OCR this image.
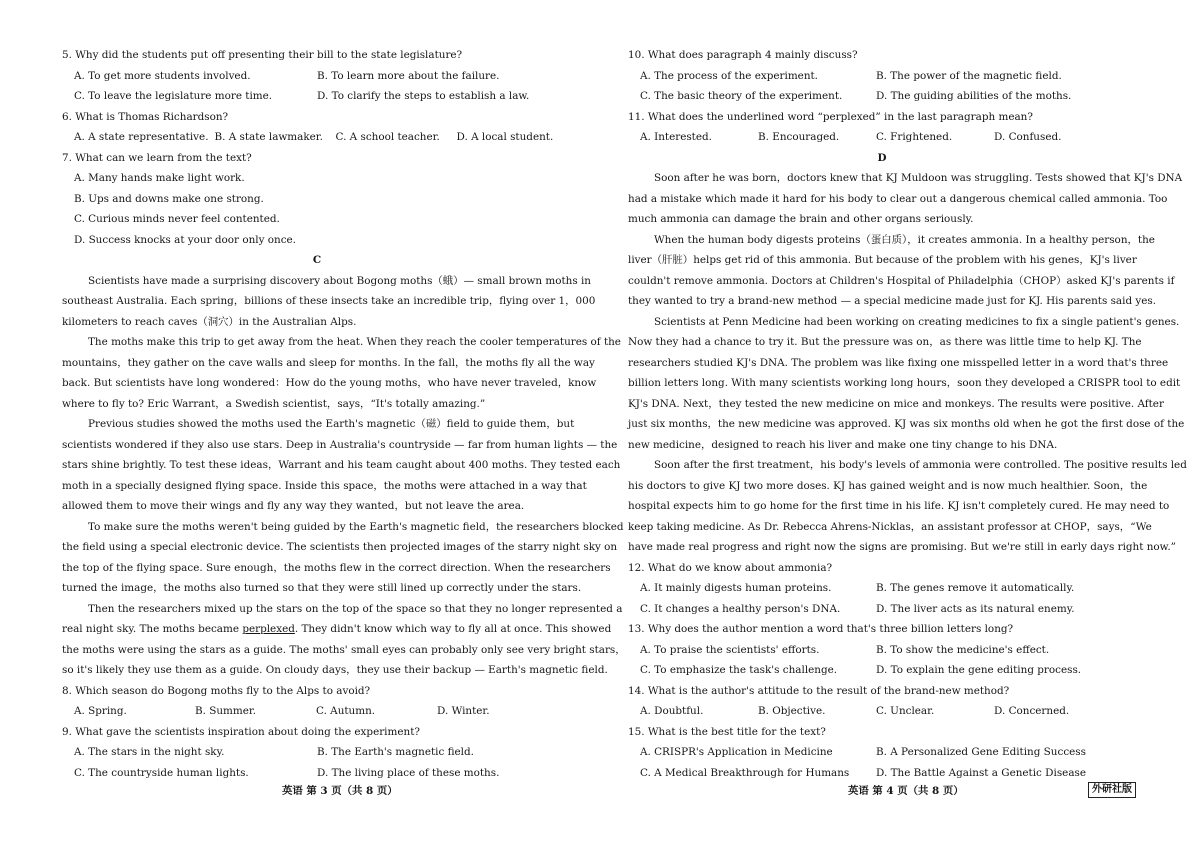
5. Why did the students put off presenting their bill to the state legislature?
A. To get more students involved.	B. To learn more about the failure.
C. To leave the legislature more time.	D. To clarify the steps to establish a law.
6. What is Thomas Richardson?
A. A state representative. B. A state lawmaker.	C. A school teacher.	D. A local student.
7. What can we learn from the text?
A. Many hands make light work.
B. Ups and downs make one strong.
C. Curious minds never feel contented.
D. Success knocks at your door only once.
C
Scientists have made a surprising discovery about Bogong moths（蛾）— small brown moths in
southeast Australia. Each spring，billions of these insects take an incredible trip，flying over 1，000
kilometers to reach caves（洞穴）in the Australian Alps.
The moths make this trip to get away from the heat. When they reach the cooler temperatures of the
mountains，they gather on the cave walls and sleep for months. In the fall，the moths fly all the way
back. But scientists have long wondered：How do the young moths，who have never traveled，know
where to fly to? Eric Warrant，a Swedish scientist，says，“It's totally amazing.”
Previous studies showed the moths used the Earth's magnetic（磁）field to guide them，but
scientists wondered if they also use stars. Deep in Australia's countryside — far from human lights — the
stars shine brightly. To test these ideas，Warrant and his team caught about 400 moths. They tested each
moth in a specially designed flying space. Inside this space，the moths were attached in a way that
allowed them to move their wings and fly any way they wanted，but not leave the area.
To make sure the moths weren't being guided by the Earth's magnetic field，the researchers blocked
the field using a special electronic device. The scientists then projected images of the starry night sky on
the top of the flying space. Sure enough，the moths flew in the correct direction. When the researchers
turned the image，the moths also turned so that they were still lined up correctly under the stars.
Then the researchers mixed up the stars on the top of the space so that they no longer represented a
real night sky. The moths became perplexed. They didn't know which way to fly all at once. This showed
the moths were using the stars as a guide. The moths' small eyes can probably only see very bright stars，
so it's likely they use them as a guide. On cloudy days，they use their backup — Earth's magnetic field.
8. Which season do Bogong moths fly to the Alps to avoid?
A. Spring.	B. Summer.	C. Autumn.	D. Winter.
9. What gave the scientists inspiration about doing the experiment?
A. The stars in the night sky.	B. The Earth's magnetic field.
C. The countryside human lights.	D. The living place of these moths.
英语 第 3 页（共 8 页）
10. What does paragraph 4 mainly discuss?
A. The process of the experiment.	B. The power of the magnetic field.
C. The basic theory of the experiment.	D. The guiding abilities of the moths.
11. What does the underlined word “perplexed” in the last paragraph mean?
A. Interested.	B. Encouraged.	C. Frightened.	D. Confused.
D
Soon after he was born，doctors knew that KJ Muldoon was struggling. Tests showed that KJ's DNA
had a mistake which made it hard for his body to clear out a dangerous chemical called ammonia. Too
much ammonia can damage the brain and other organs seriously.
When the human body digests proteins（蛋白质），it creates ammonia. In a healthy person，the
liver（肝脏）helps get rid of this ammonia. But because of the problem with his genes，KJ's liver
couldn't remove ammonia. Doctors at Children's Hospital of Philadelphia（CHOP）asked KJ's parents if
they wanted to try a brand-new method — a special medicine made just for KJ. His parents said yes.
Scientists at Penn Medicine had been working on creating medicines to fix a single patient's genes.
Now they had a chance to try it. But the pressure was on，as there was little time to help KJ. The
researchers studied KJ's DNA. The problem was like fixing one misspelled letter in a word that's three
billion letters long. With many scientists working long hours，soon they developed a CRISPR tool to edit
KJ's DNA. Next，they tested the new medicine on mice and monkeys. The results were positive. After
just six months，the new medicine was approved. KJ was six months old when he got the first dose of the
new medicine，designed to reach his liver and make one tiny change to his DNA.
Soon after the first treatment，his body's levels of ammonia were controlled. The positive results led
his doctors to give KJ two more doses. KJ has gained weight and is now much healthier. Soon，the
hospital expects him to go home for the first time in his life. KJ isn't completely cured. He may need to
keep taking medicine. As Dr. Rebecca Ahrens-Nicklas，an assistant professor at CHOP，says，“We
have made real progress and right now the signs are promising. But we're still in early days right now.”
12. What do we know about ammonia?
A. It mainly digests human proteins.	B. The genes remove it automatically.
C. It changes a healthy person's DNA.	D. The liver acts as its natural enemy.
13. Why does the author mention a word that's three billion letters long?
A. To praise the scientists' efforts.	B. To show the medicine's effect.
C. To emphasize the task's challenge.	D. To explain the gene editing process.
14. What is the author's attitude to the result of the brand-new method?
A. Doubtful.	B. Objective.	C. Unclear.	D. Concerned.
15. What is the best title for the text?
A. CRISPR's Application in Medicine	B. A Personalized Gene Editing Success
C. A Medical Breakthrough for Humans	D. The Battle Against a Genetic Disease
英语 第 4 页（共 8 页）	外研社版
